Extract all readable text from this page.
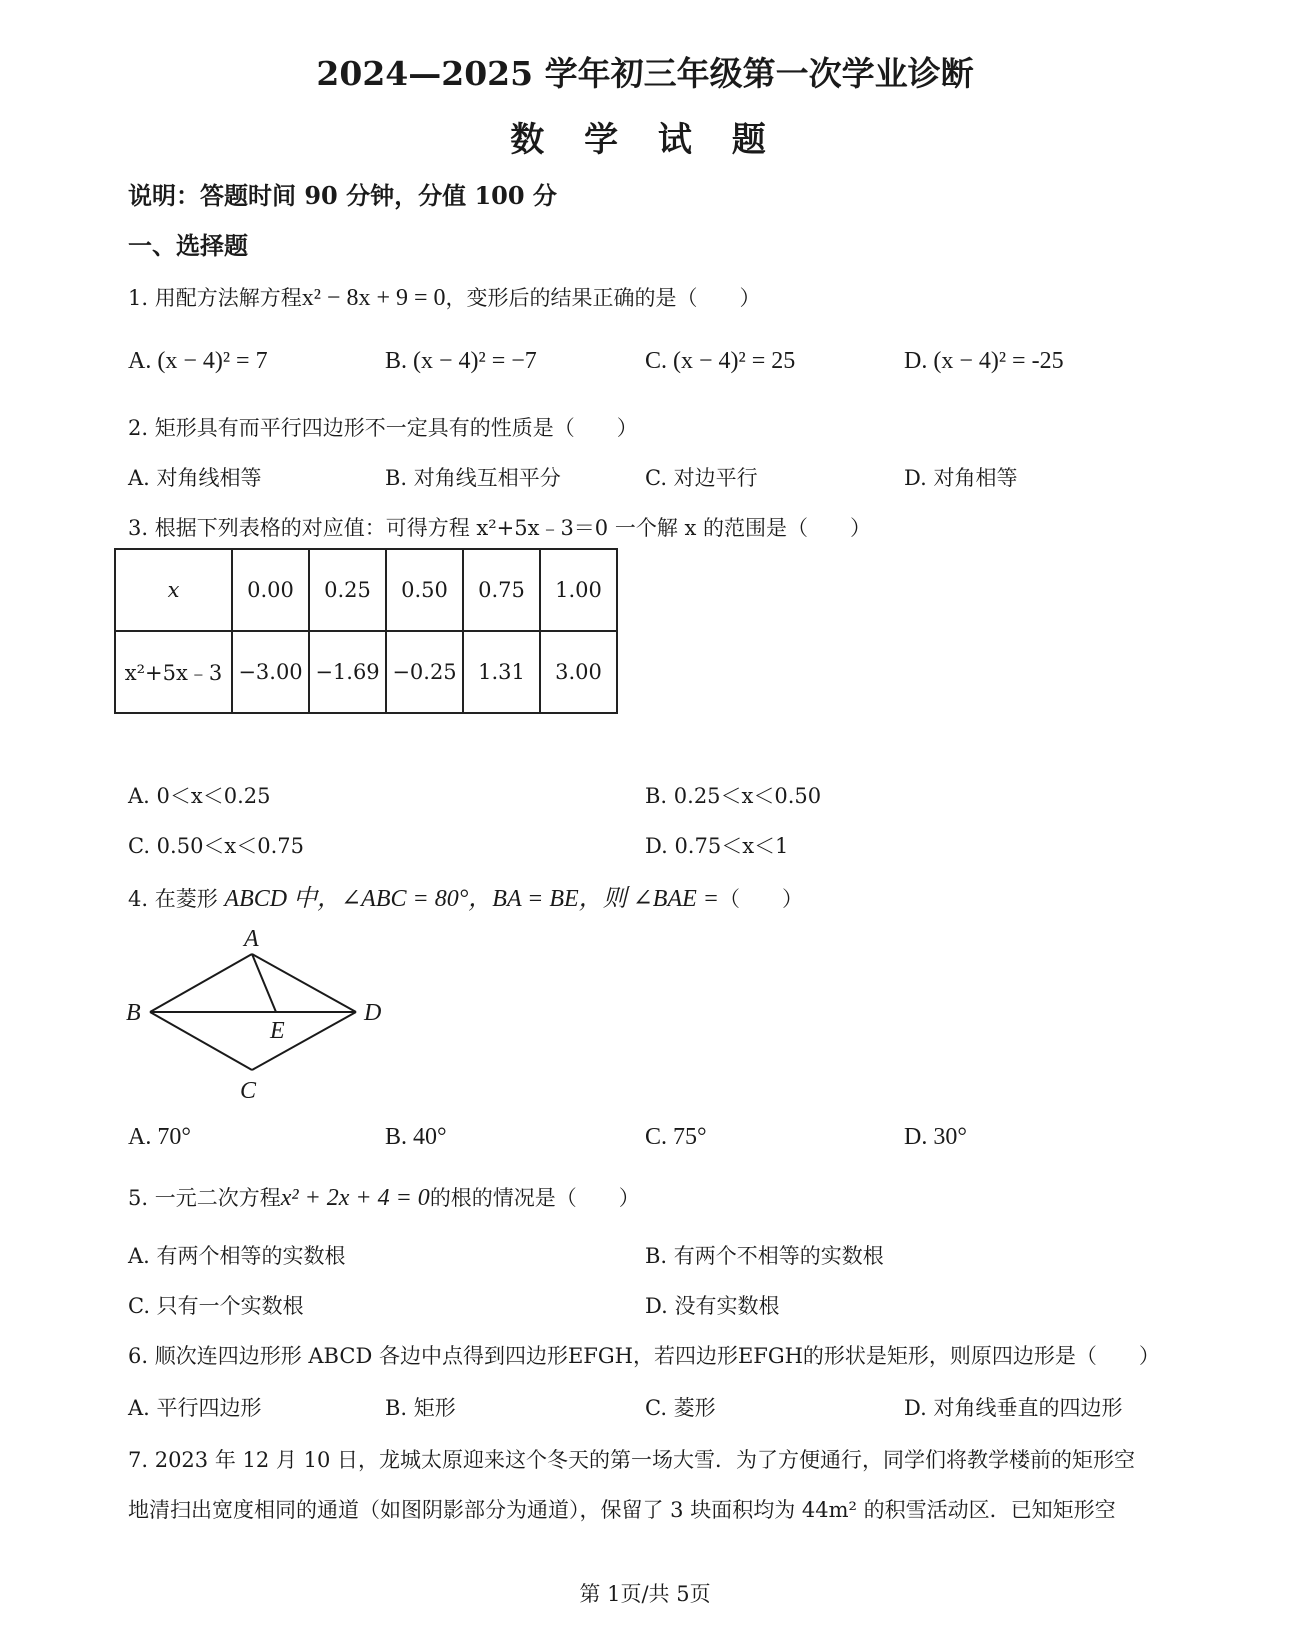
2024—2025 学年初三年级第一次学业诊断
数 学 试 题
说明：答题时间 90 分钟，分值 100 分
一、选择题
1. 用配方法解方程x² − 8x + 9 = 0，变形后的结果正确的是（　　）
A. (x − 4)² = 7	B. (x − 4)² = −7	C. (x − 4)² = 25	D. (x − 4)² = -25
2. 矩形具有而平行四边形不一定具有的性质是（　　）
A. 对角线相等	B. 对角线互相平分	C. 对边平行	D. 对角相等
3. 根据下列表格的对应值：可得方程 x²+5x﹣3＝0 一个解 x 的范围是（　　）
x	0.00	0.25	0.50	0.75	1.00
x²+5x﹣3	−3.00	−1.69	−0.25	1.31	3.00
A. 0＜x＜0.25	B. 0.25＜x＜0.50
C. 0.50＜x＜0.75	D. 0.75＜x＜1
4. 在菱形 ABCD 中，∠ABC = 80°，BA = BE，则 ∠BAE =（　　）
A
B
C
D
E
A. 70°	B. 40°	C. 75°	D. 30°
5. 一元二次方程x² + 2x + 4 = 0的根的情况是（　　）
A. 有两个相等的实数根	B. 有两个不相等的实数根
C. 只有一个实数根	D. 没有实数根
6. 顺次连四边形形 ABCD 各边中点得到四边形EFGH，若四边形EFGH的形状是矩形，则原四边形是（　　）
A. 平行四边形	B. 矩形	C. 菱形	D. 对角线垂直的四边形
7. 2023 年 12 月 10 日，龙城太原迎来这个冬天的第一场大雪．为了方便通行，同学们将教学楼前的矩形空
地清扫出宽度相同的通道（如图阴影部分为通道），保留了 3 块面积均为 44m² 的积雪活动区．已知矩形空
第 1页/共 5页
